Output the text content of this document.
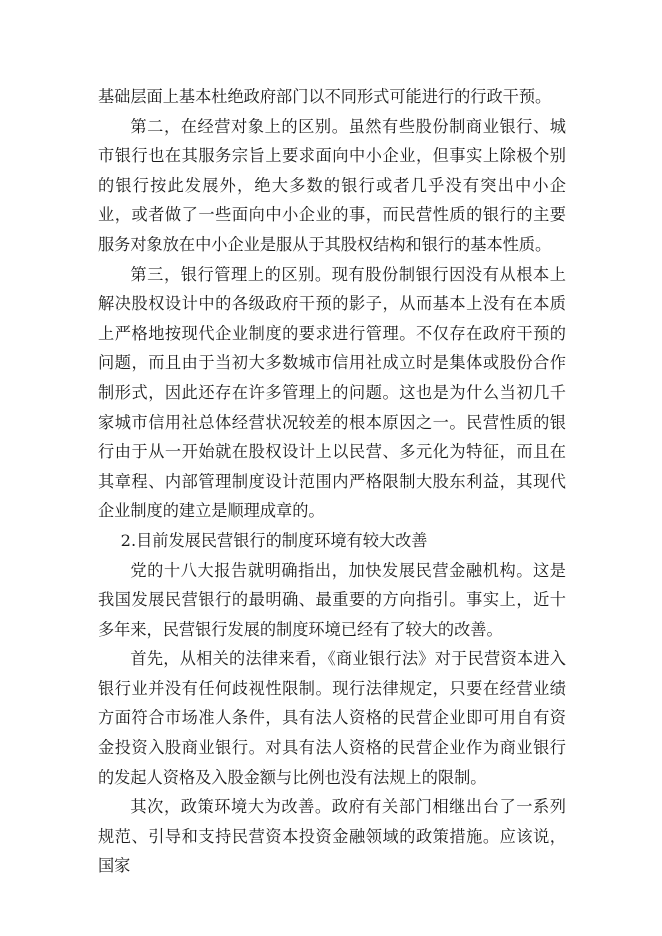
基础层面上基本杜绝政府部门以不同形式可能进行的行政干预。

第二，在经营对象上的区别。虽然有些股份制商业银行、城市银行也在其服务宗旨上要求面向中小企业，但事实上除极个别的银行按此发展外，绝大多数的银行或者几乎没有突出中小企业，或者做了一些面向中小企业的事，而民营性质的银行的主要服务对象放在中小企业是服从于其股权结构和银行的基本性质。

第三，银行管理上的区别。现有股份制银行因没有从根本上解决股权设计中的各级政府干预的影子，从而基本上没有在本质上严格地按现代企业制度的要求进行管理。不仅存在政府干预的问题，而且由于当初大多数城市信用社成立时是集体或股份合作制形式，因此还存在许多管理上的问题。这也是为什么当初几千家城市信用社总体经营状况较差的根本原因之一。民营性质的银行由于从一开始就在股权设计上以民营、多元化为特征，而且在其章程、内部管理制度设计范围内严格限制大股东利益，其现代企业制度的建立是顺理成章的。

2.目前发展民营银行的制度环境有较大改善

党的十八大报告就明确指出，加快发展民营金融机构。这是我国发展民营银行的最明确、最重要的方向指引。事实上，近十多年来，民营银行发展的制度环境已经有了较大的改善。

首先，从相关的法律来看，《商业银行法》对于民营资本进入银行业并没有任何歧视性限制。现行法律规定，只要在经营业绩方面符合市场准人条件，具有法人资格的民营企业即可用自有资金投资入股商业银行。对具有法人资格的民营企业作为商业银行的发起人资格及入股金额与比例也没有法规上的限制。

其次，政策环境大为改善。政府有关部门相继出台了一系列规范、引导和支持民营资本投资金融领域的政策措施。应该说，国家
